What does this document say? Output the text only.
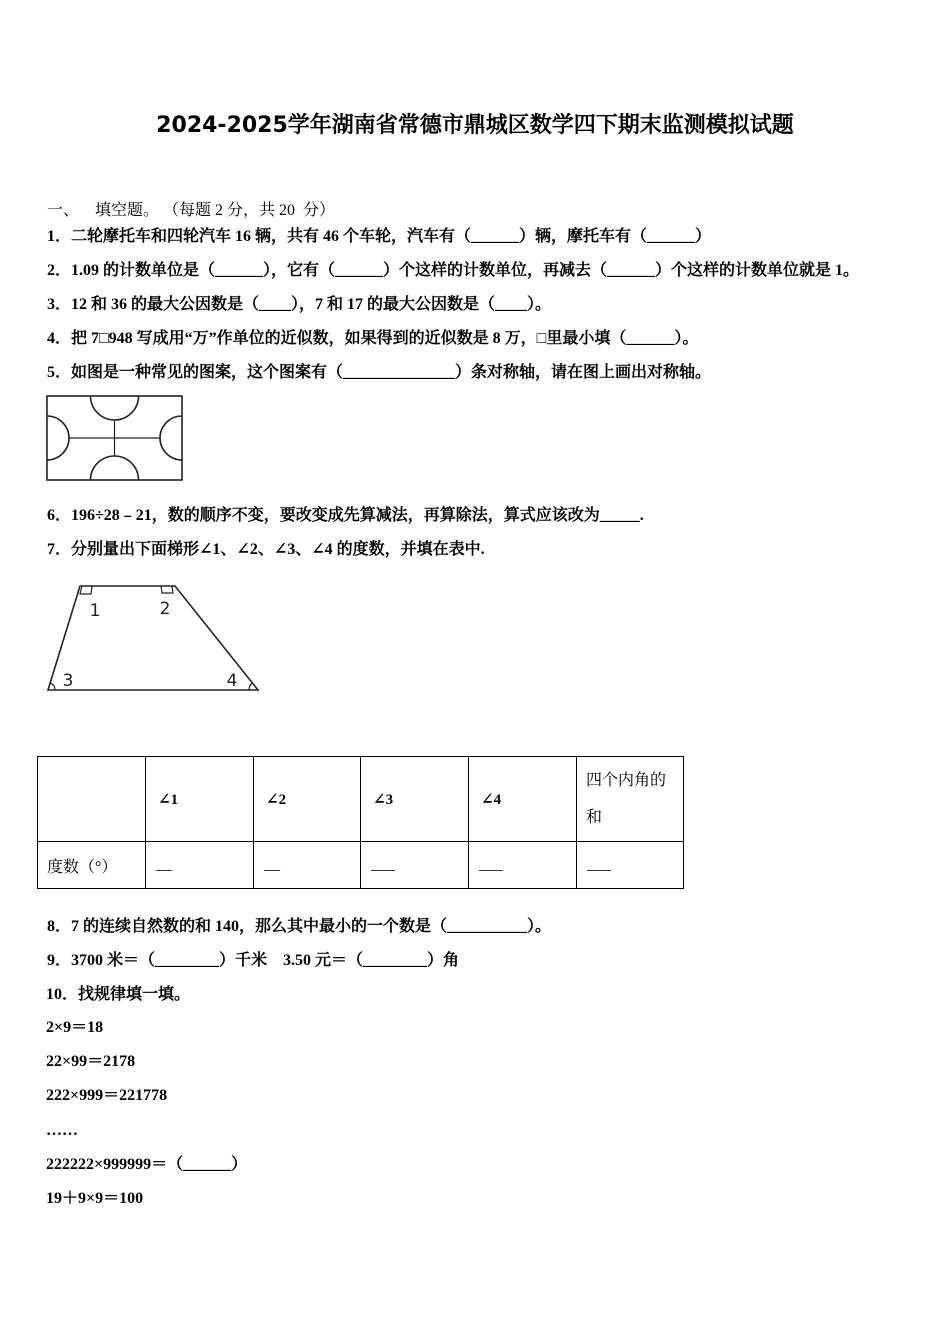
2024-2025学年湖南省常德市鼎城区数学四下期末监测模拟试题
一、    填空题。 （每题 2 分，共 20  分）
1．二轮摩托车和四轮汽车 16 辆，共有 46 个车轮，汽车有（______）辆，摩托车有（______）
2．1.09 的计数单位是（______），它有（______）个这样的计数单位，再减去（______）个这样的计数单位就是 1。
3．12 和 36 的最大公因数是（____），7 和 17 的最大公因数是（____）。
4．把 7□948 写成用“万”作单位的近似数，如果得到的近似数是 8 万，□里最小填（______）。
5．如图是一种常见的图案，这个图案有（______________）条对称轴，请在图上画出对称轴。
6．196÷28﹣21，数的顺序不变，要改变成先算减法，再算除法，算式应该改为_____.
7．分别量出下面梯形∠1、∠2、∠3、∠4 的度数，并填在表中.
1	2
3	4
	∠1	∠2	∠3	∠4	四个内角的和
度数（°）	__	__	___	___	___
8．7 的连续自然数的和 140，那么其中最小的一个数是（__________）。
9．3700 米＝（________）千米    3.50 元＝（________）角
10．找规律填一填。
2×9＝18
22×99＝2178
222×999＝221778
……
222222×999999＝（______）
19＋9×9＝100
